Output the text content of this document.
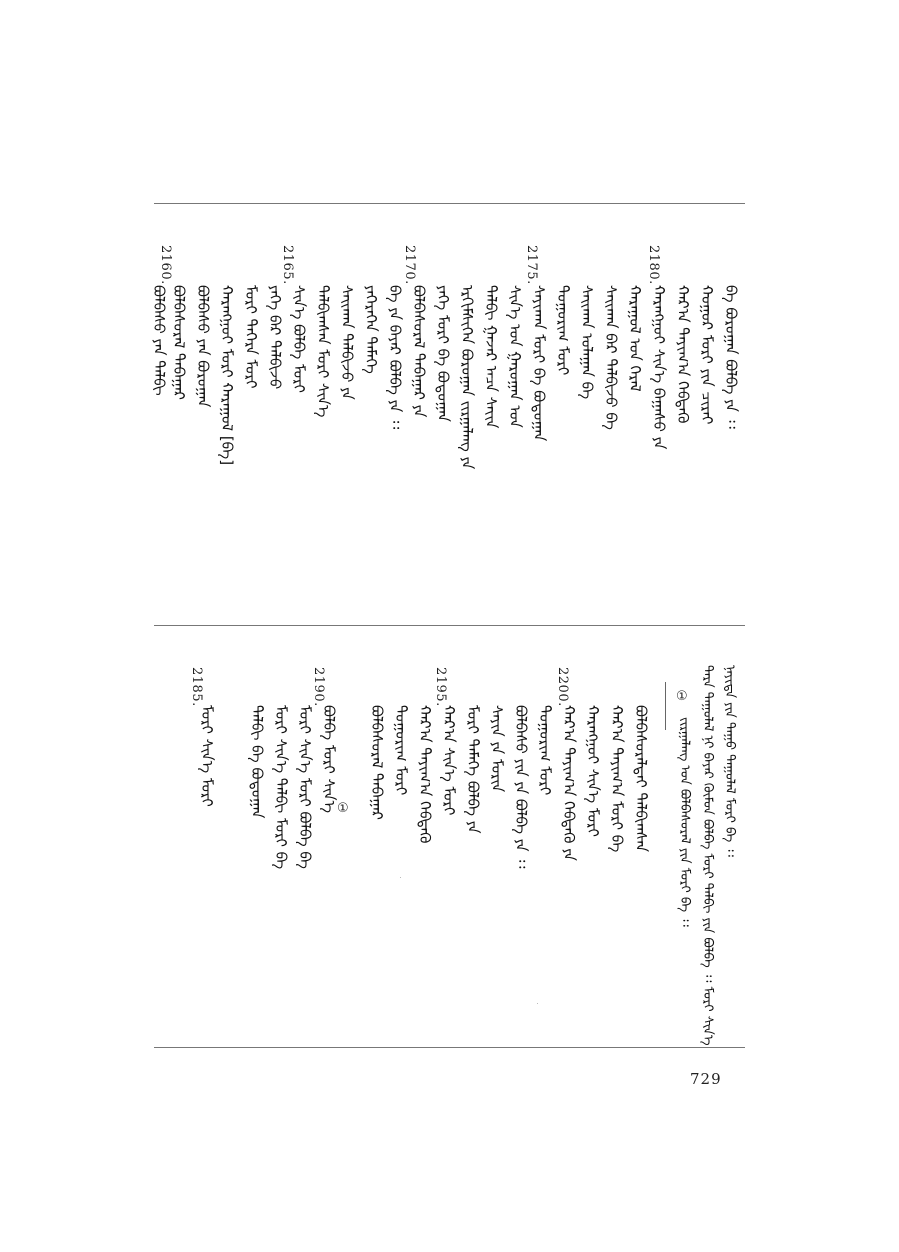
2180.
2175.
2170.
2165.
2160.
ᠪᠠ ᠪᠣᠷᠣᠭᠠᠨ ᠪᠣᠯᠪᠠ ᠶᠠ ᠄᠄
ᠬᠤᠭᠤᠷ ᠮᠣᠷᠢ ᠶᠢᠨ ᠴᠢᠷᠠᠢ
ᠬᠠᠷ᠎ᠠ ᠲᠠᠶᠢᠭ᠎ᠠ ᠬᠡᠪᠲᠡᠬᠦ
ᠬᠠᠷᠠᠩᠭᠤᠢ ᠰᠢᠨ᠎ᠡ ᠪᠠᠭᠠᠰᠤ ᠶᠠ
ᠬᠠᠷᠠᠭᠤᠯ ᠤᠨ ᠭᠡᠷᠡᠯ
ᠰᠠᠢᠬᠠᠨ ᠪᠠᠷ ᠲᠠᠯᠪᠢᠵᠤ ᠪᠠ
ᠰᠠᠢᠬᠠᠨ ᠤᠯᠠᠭᠠᠨ ᠪᠠ
ᠲᠣᠭᠣᠷᠢᠭ ᠮᠣᠷᠢ
ᠰᠠᠶᠢᠬᠠᠨ ᠮᠣᠷᠢ ᠪᠠ ᠪᠣᠳᠣᠭᠠᠨ
ᠰᠢᠨ᠎ᠡ ᠤᠨ ᠭᠠᠷᠤᠭᠠᠨ ᠤᠨ
ᠲᠠᠯᠪᠢ ᠭᠠᠵᠠᠷ ᠠᠴᠠ ᠰᠠᠶ᠋ᠢᠨ
ᠡᠷᠬᠢᠮᠰᠢᠭᠡᠨ ᠪᠣᠷᠣᠭᠠᠨ ᠵᠢᠷᠭᠠᠯᠠᠩ ᠶᠠ
ᠶᠡᠬᠡ ᠮᠣᠷᠢ ᠪᠠ ᠪᠣᠳᠣᠭᠠᠨ
ᠪᠣᠯᠪᠠᠰᠤᠷᠠᠯ ᠲᠠᠪᠠᠭᠠᠷ ᠶᠠ
ᠪᠠ ᠶᠠ ᠪᠠᠶᠠᠷ ᠪᠣᠯᠪᠠ ᠶᠠ ᠄᠄
ᠶᠡᠬᠡᠷᠡᠭᠡᠨ ᠲᠡᠮᠡᠭᠡ
ᠰᠠᠢᠬᠠᠨ ᠲᠠᠯᠪᠢᠵᠤ ᠶᠠ
ᠲᠠᠯᠪᠢᠭᠰᠠᠨ ᠮᠣᠷᠢ ᠰᠢᠨ᠎ᠡ
ᠰᠢᠨ᠎ᠡ ᠪᠣᠯᠪᠠ ᠮᠣᠷᠢ
ᠶᠡᠬᠡ ᠪᠠᠷ ᠲᠠᠯᠪᠢᠵᠤ
ᠮᠣᠷᠢ ᠳᠡᠭᠡᠷᠡ ᠮᠣᠷᠢ
ᠬᠠᠷᠠᠩᠭᠤᠢ ᠮᠣᠷᠢ ᠬᠠᠷᠠᠭᠤᠯ [ᠪᠠ]
ᠪᠣᠯᠪᠠᠰᠤ ᠶᠠᠨ ᠪᠣᠷᠣᠭᠠᠨ
ᠪᠣᠯᠪᠠᠰᠤᠷᠠᠯ ᠲᠠᠪᠠᠭᠠᠷ
ᠪᠣᠯᠪᠠᠰᠤ ᠶᠠᠨ ᠲᠠᠯᠪᠢ
ᠨᠡᠶᠢᠲᠡ ᠶᠢᠨ ᠲᠠᠭᠤ ᠳᠠᠭᠤᠯᠠᠯ ᠮᠣᠷᠢ ᠪᠠ ᠄᠄
ᠲᠡᠷᠡ ᠳᠠᠭᠤᠯᠠᠯ ᠨᠢ ᠪᠠᠶᠠᠷ ᠬᠦᠮᠦᠨ ᠪᠣᠯᠪᠠ ᠮᠣᠷᠢ ᠲᠠᠯᠪᠢ ᠶᠢᠨ ᠪᠣᠯᠪᠠ ᠄᠄ ᠮᠣᠷᠢ ᠰᠢᠨ᠎ᠡ
①
ᠵᠢᠷᠭᠠᠯᠠᠩ ᠤᠨ ᠪᠣᠯᠪᠠᠰᠤᠷᠠᠯ ᠶᠢᠨ ᠮᠣᠷᠢ ᠪᠠ ᠄᠄
2200.
2195.
2190.
2185.
ᠪᠣᠯᠪᠠᠰᠤᠷᠠᠯᠲᠠᠢ ᠲᠠᠯᠪᠢᠭᠰᠠᠨ
ᠬᠠᠷ᠎ᠠ ᠲᠠᠶᠢᠭ᠎ᠠ ᠮᠣᠷᠢ ᠪᠠ
ᠬᠠᠷᠠᠩᠭᠤᠢ ᠰᠢᠨ᠎ᠡ ᠮᠣᠷᠢ
ᠬᠠᠷ᠎ᠠ ᠲᠠᠶᠢᠭ᠎ᠠ ᠬᠡᠪᠲᠡᠬᠦ ᠶᠠ
ᠲᠣᠭᠣᠷᠢᠭ ᠮᠣᠷᠢ
ᠪᠣᠯᠪᠠᠰᠤ ᠶᠢᠨ ᠶᠠ ᠪᠣᠯᠪᠠ ᠶᠠ ᠄᠄
ᠰᠠᠶᠢᠨ ᠶᠠ ᠮᠣᠷᠢᠨ
ᠮᠣᠷᠢ ᠲᠡᠮᠡᠭᠡ ᠪᠣᠯᠪᠠ ᠶᠠ
ᠬᠠᠷ᠎ᠠ ᠰᠢᠨ᠎ᠡ ᠮᠣᠷᠢ
ᠬᠠᠷ᠎ᠠ ᠲᠠᠶᠢᠭ᠎ᠠ ᠬᠡᠪᠲᠡᠬᠦ
ᠲᠣᠭᠣᠷᠢᠭ ᠮᠣᠷᠢ
ᠪᠣᠯᠪᠠᠰᠤᠷᠠᠯ ᠲᠠᠪᠠᠭᠠᠷ
①
ᠪᠣᠯᠪᠠ ᠮᠣᠷᠢ ᠰᠢᠨ᠎ᠡ
ᠮᠣᠷᠢ ᠰᠢᠨ᠎ᠡ ᠮᠣᠷᠢ ᠪᠣᠯᠪᠠ ᠪᠠ
ᠮᠣᠷᠢ ᠰᠢᠨ᠎ᠡ ᠲᠠᠯᠪᠢ ᠮᠣᠷᠢ ᠪᠠ
ᠲᠠᠯᠪᠢ ᠪᠠ ᠪᠣᠳᠣᠭᠠᠨ
ᠮᠣᠷᠢ ᠰᠢᠨ᠎ᠡ ᠮᠣᠷᠢ
729
